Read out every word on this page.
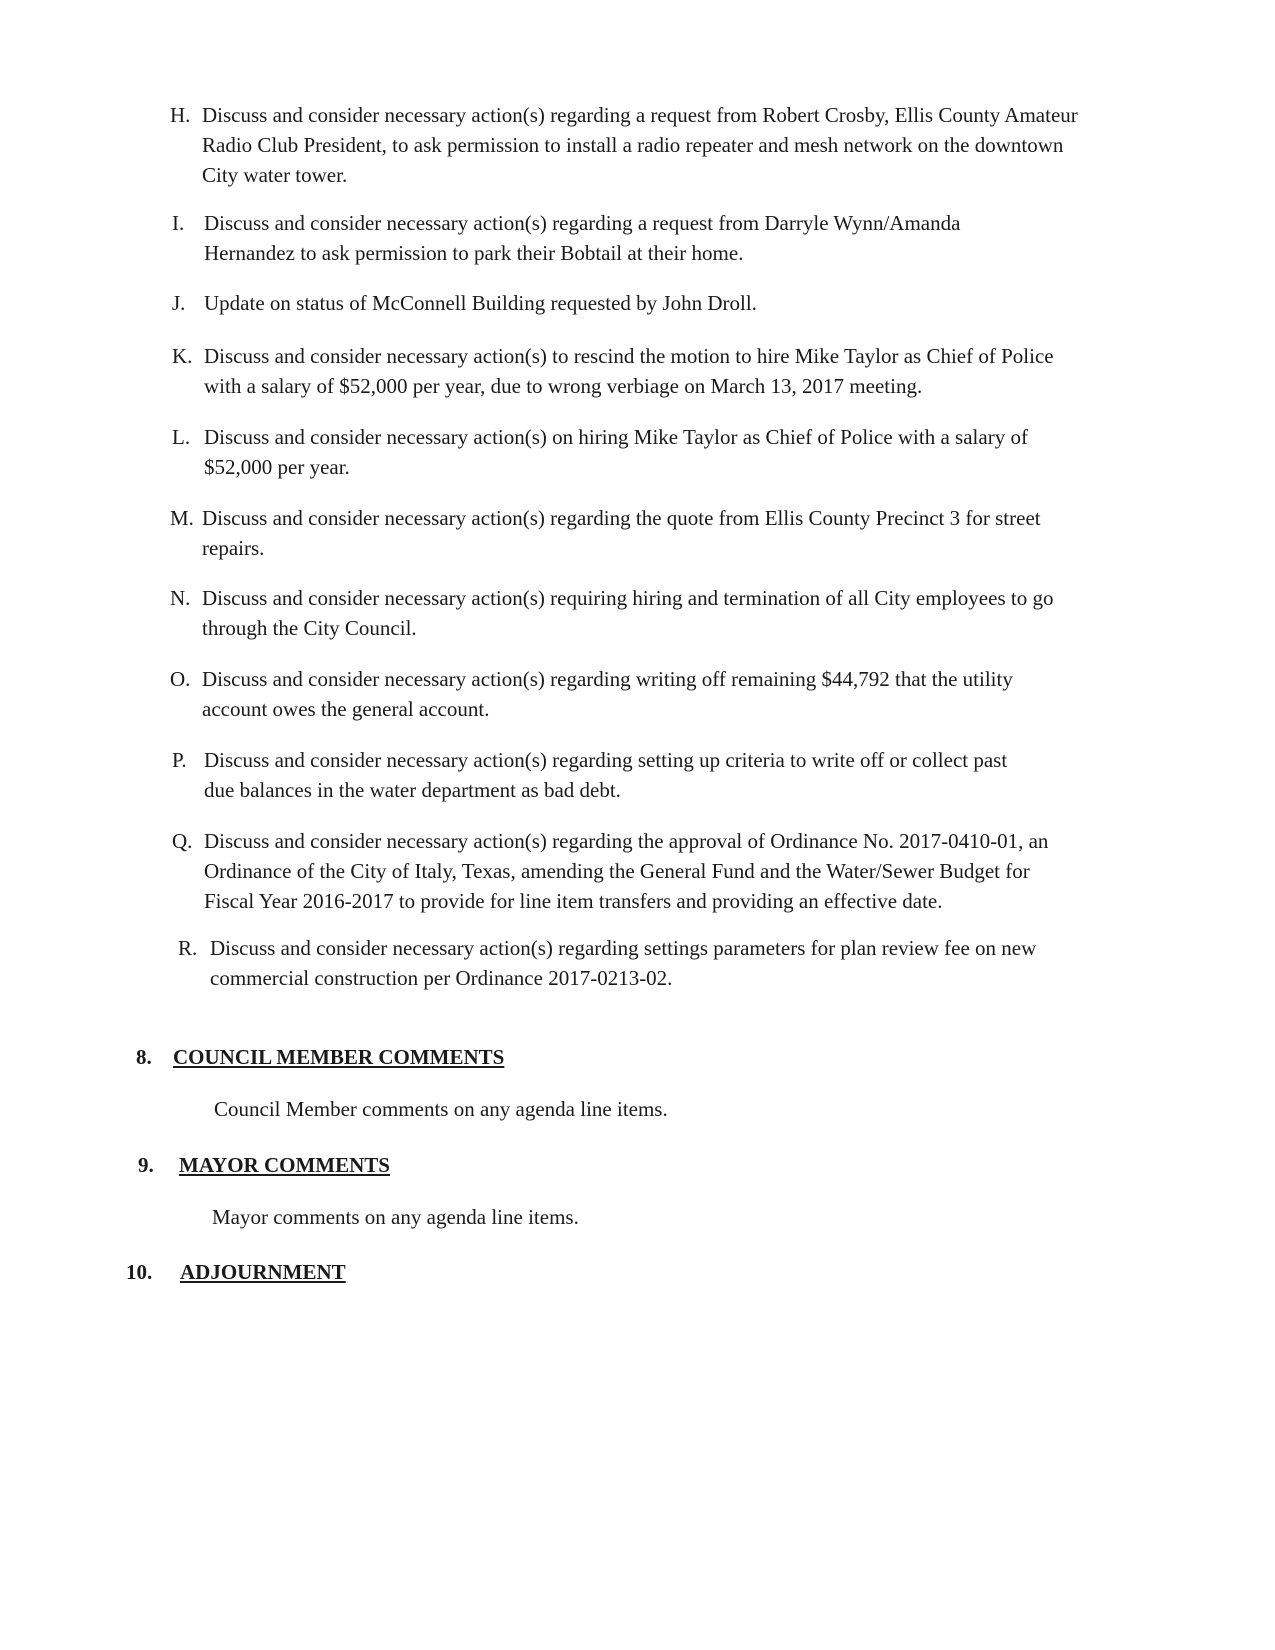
H. Discuss and consider necessary action(s) regarding a request from Robert Crosby, Ellis County Amateur Radio Club President, to ask permission to install a radio repeater and mesh network on the downtown City water tower.
I. Discuss and consider necessary action(s) regarding a request from Darryle Wynn/Amanda Hernandez to ask permission to park their Bobtail at their home.
J. Update on status of McConnell Building requested by John Droll.
K. Discuss and consider necessary action(s) to rescind the motion to hire Mike Taylor as Chief of Police with a salary of $52,000 per year, due to wrong verbiage on March 13, 2017 meeting.
L. Discuss and consider necessary action(s) on hiring Mike Taylor as Chief of Police with a salary of $52,000 per year.
M. Discuss and consider necessary action(s) regarding the quote from Ellis County Precinct 3 for street repairs.
N. Discuss and consider necessary action(s) requiring hiring and termination of all City employees to go through the City Council.
O. Discuss and consider necessary action(s) regarding writing off remaining $44,792 that the utility account owes the general account.
P. Discuss and consider necessary action(s) regarding setting up criteria to write off or collect past due balances in the water department as bad debt.
Q. Discuss and consider necessary action(s) regarding the approval of Ordinance No. 2017-0410-01, an Ordinance of the City of Italy, Texas, amending the General Fund and the Water/Sewer Budget for Fiscal Year 2016-2017 to provide for line item transfers and providing an effective date.
R. Discuss and consider necessary action(s) regarding settings parameters for plan review fee on new commercial construction per Ordinance 2017-0213-02.
8. COUNCIL MEMBER COMMENTS
Council Member comments on any agenda line items.
9. MAYOR COMMENTS
Mayor comments on any agenda line items.
10. ADJOURNMENT
